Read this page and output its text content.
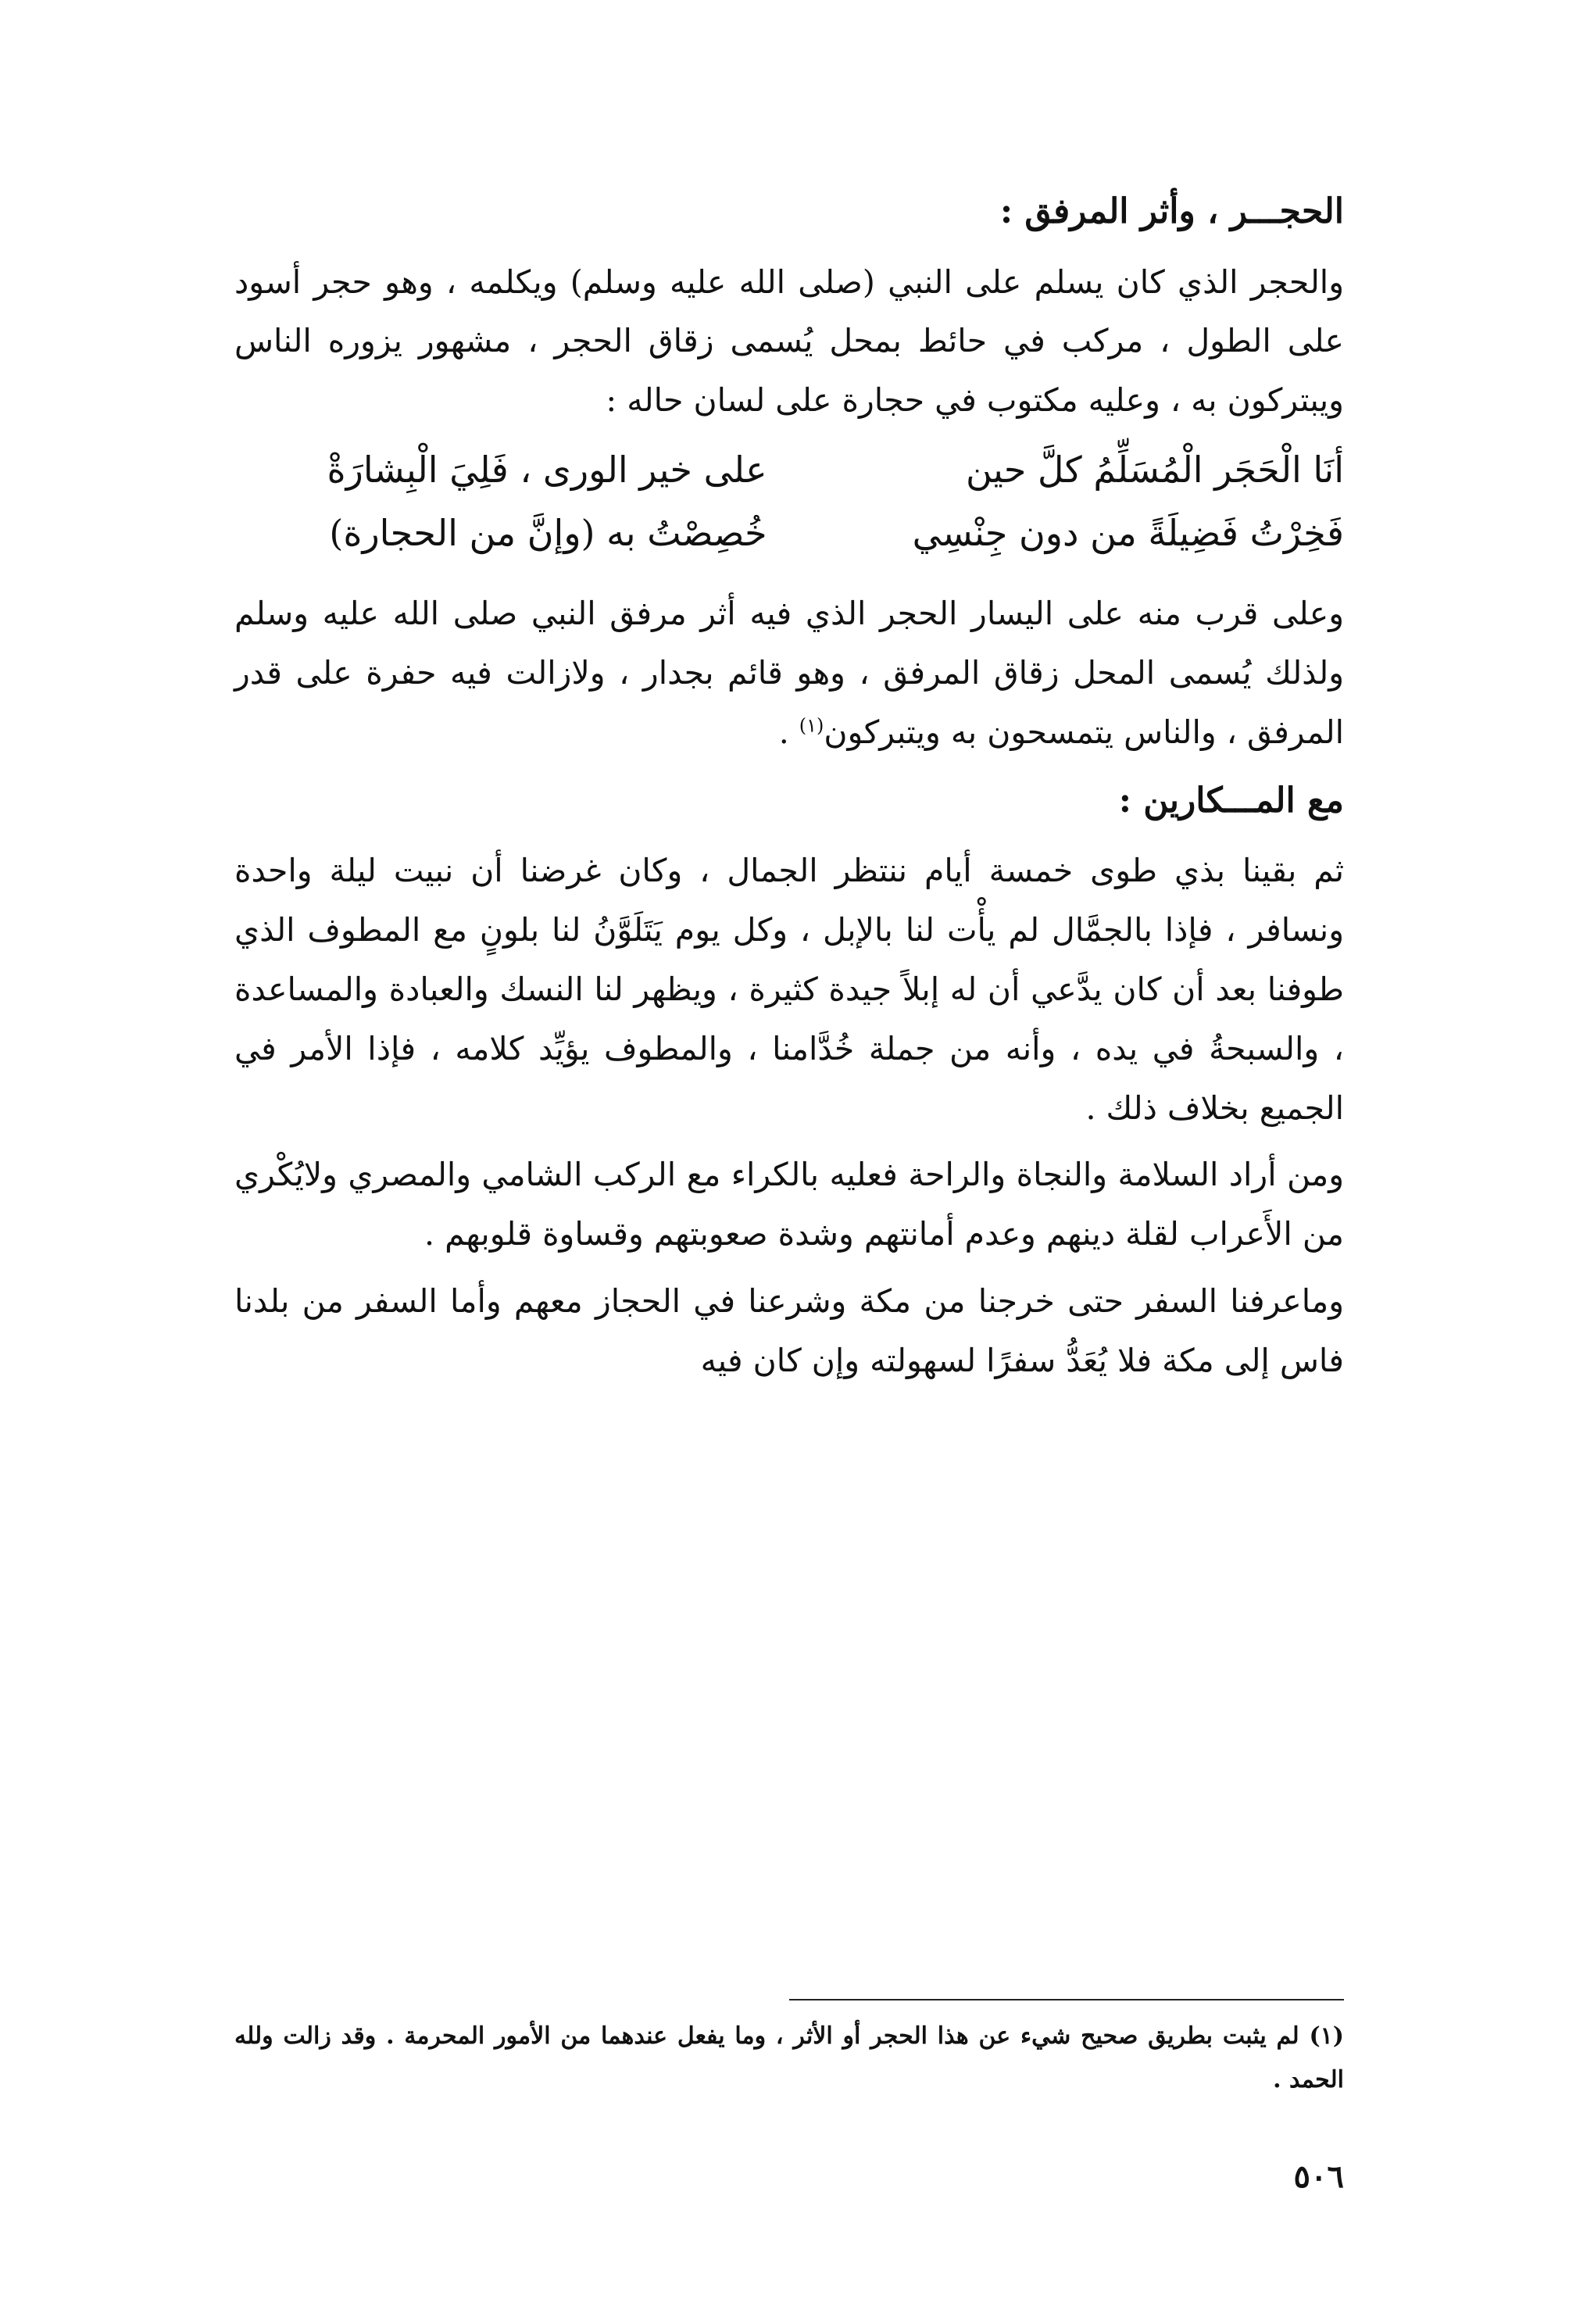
الحجـــر ، وأثر المرفق :

والحجر الذي كان يسلم على النبي (صلى الله عليه وسلم) ويكلمه ، وهو حجر أسود على الطول ، مركب في حائط بمحل يُسمى زقاق الحجر ، مشهور يزوره الناس ويبتركون به ، وعليه مكتوب في حجارة على لسان حاله :

أنَا الْحَجَر الْمُسَلِّمُ كلَّ حين
على خير الورى ، فَلِيَ الْبِشارَةْ
فَخِرْتُ فَضِيلَةً من دون جِنْسِي
خُصِصْتُ به (وإنَّ من الحجارة)

وعلى قرب منه على اليسار الحجر الذي فيه أثر مرفق النبي صلى الله عليه وسلم ولذلك يُسمى المحل زقاق المرفق ، وهو قائم بجدار ، ولازالت فيه حفرة على قدر المرفق ، والناس يتمسحون به ويتبركون$^{(١)}$ .

مع المـــكارين :

ثم بقينا بذي طوى خمسة أيام ننتظر الجمال ، وكان غرضنا أن نبيت ليلة واحدة ونسافر ، فإذا بالجمَّال لم يأْت لنا بالإبل ، وكل يوم يَتَلَوَّنُ لنا بلونٍ مع المطوف الذي طوفنا بعد أن كان يدَّعي أن له إبلاً جيدة كثيرة ، ويظهر لنا النسك والعبادة والمساعدة ، والسبحةُ في يده ، وأنه من جملة خُدَّامنا ، والمطوف يؤيِّد كلامه ، فإذا الأمر في الجميع بخلاف ذلك .

ومن أراد السلامة والنجاة والراحة فعليه بالكراء مع الركب الشامي والمصري ولايُكْري من الأَعراب لقلة دينهم وعدم أمانتهم وشدة صعوبتهم وقساوة قلوبهم .

وماعرفنا السفر حتى خرجنا من مكة وشرعنا في الحجاز معهم وأما السفر من بلدنا فاس إلى مكة فلا يُعَدُّ سفرًا لسهولته وإن كان فيه

(١) لم يثبت بطريق صحيح شيء عن هذا الحجر أو الأثر ، وما يفعل عندهما من الأمور المحرمة . وقد زالت ولله الحمد .
٥٠٦
